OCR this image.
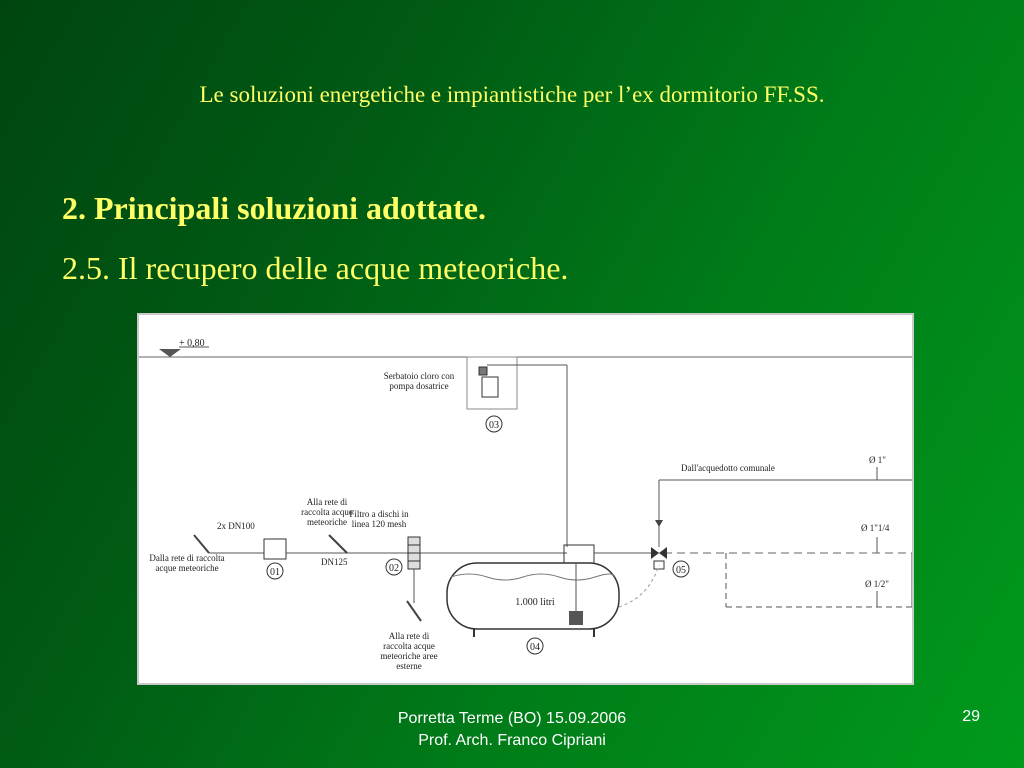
Le soluzioni energetiche e impiantistiche per l’ex dormitorio FF.SS.
2. Principali soluzioni adottate.
2.5. Il recupero delle acque meteoriche.
+ 0,80
Serbatoio cloro con
pompa dosatrice
03
Dall'acquedotto comunale
Ø 1"
Ø 1"1/4
Ø 1/2"
05
Alla rete di
raccolta acque
meteoriche
2x DN100
DN125
Dalla rete di raccolta
acque meteoriche	01
Filtro a dischi in
linea 120 mesh
02
Alla rete di
raccolta acque
meteoriche aree
esterne
1.000 litri
04
Porretta Terme (BO) 15.09.2006
Prof. Arch. Franco Cipriani
29
